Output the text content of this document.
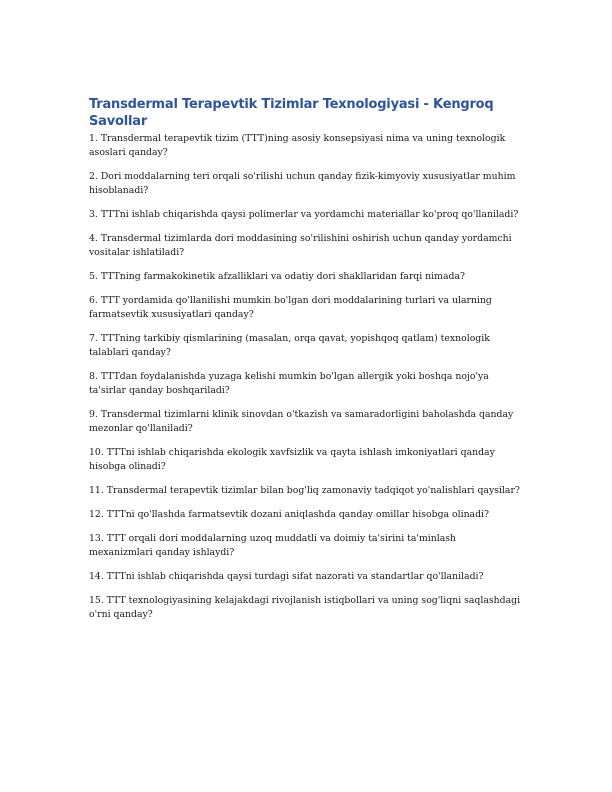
Transdermal Terapevtik Tizimlar Texnologiyasi - Kengroq Savollar

1. Transdermal terapevtik tizim (TTT)ning asosiy konsepsiyasi nima va uning texnologik asoslari qanday?

2. Dori moddalarning teri orqali so'rilishi uchun qanday fizik-kimyoviy xususiyatlar muhim hisoblanadi?

3. TTTni ishlab chiqarishda qaysi polimerlar va yordamchi materiallar ko'proq qo'llaniladi?

4. Transdermal tizimlarda dori moddasining so'rilishini oshirish uchun qanday yordamchi vositalar ishlatiladi?

5. TTTning farmakokinetik afzalliklari va odatiy dori shakllaridan farqi nimada?

6. TTT yordamida qo'llanilishi mumkin bo'lgan dori moddalarining turlari va ularning farmatsevtik xususiyatlari qanday?

7. TTTning tarkibiy qismlarining (masalan, orqa qavat, yopishqoq qatlam) texnologik talablari qanday?

8. TTTdan foydalanishda yuzaga kelishi mumkin bo'lgan allergik yoki boshqa nojo'ya ta'sirlar qanday boshqariladi?

9. Transdermal tizimlarni klinik sinovdan o'tkazish va samaradorligini baholashda qanday mezonlar qo'llaniladi?

10. TTTni ishlab chiqarishda ekologik xavfsizlik va qayta ishlash imkoniyatlari qanday hisobga olinadi?

11. Transdermal terapevtik tizimlar bilan bog'liq zamonaviy tadqiqot yo'nalishlari qaysilar?

12. TTTni qo'llashda farmatsevtik dozani aniqlashda qanday omillar hisobga olinadi?

13. TTT orqali dori moddalarning uzoq muddatli va doimiy ta'sirini ta'minlash mexanizmlari qanday ishlaydi?

14. TTTni ishlab chiqarishda qaysi turdagi sifat nazorati va standartlar qo'llaniladi?

15. TTT texnologiyasining kelajakdagi rivojlanish istiqbollari va uning sog'liqni saqlashdagi o'rni qanday?
